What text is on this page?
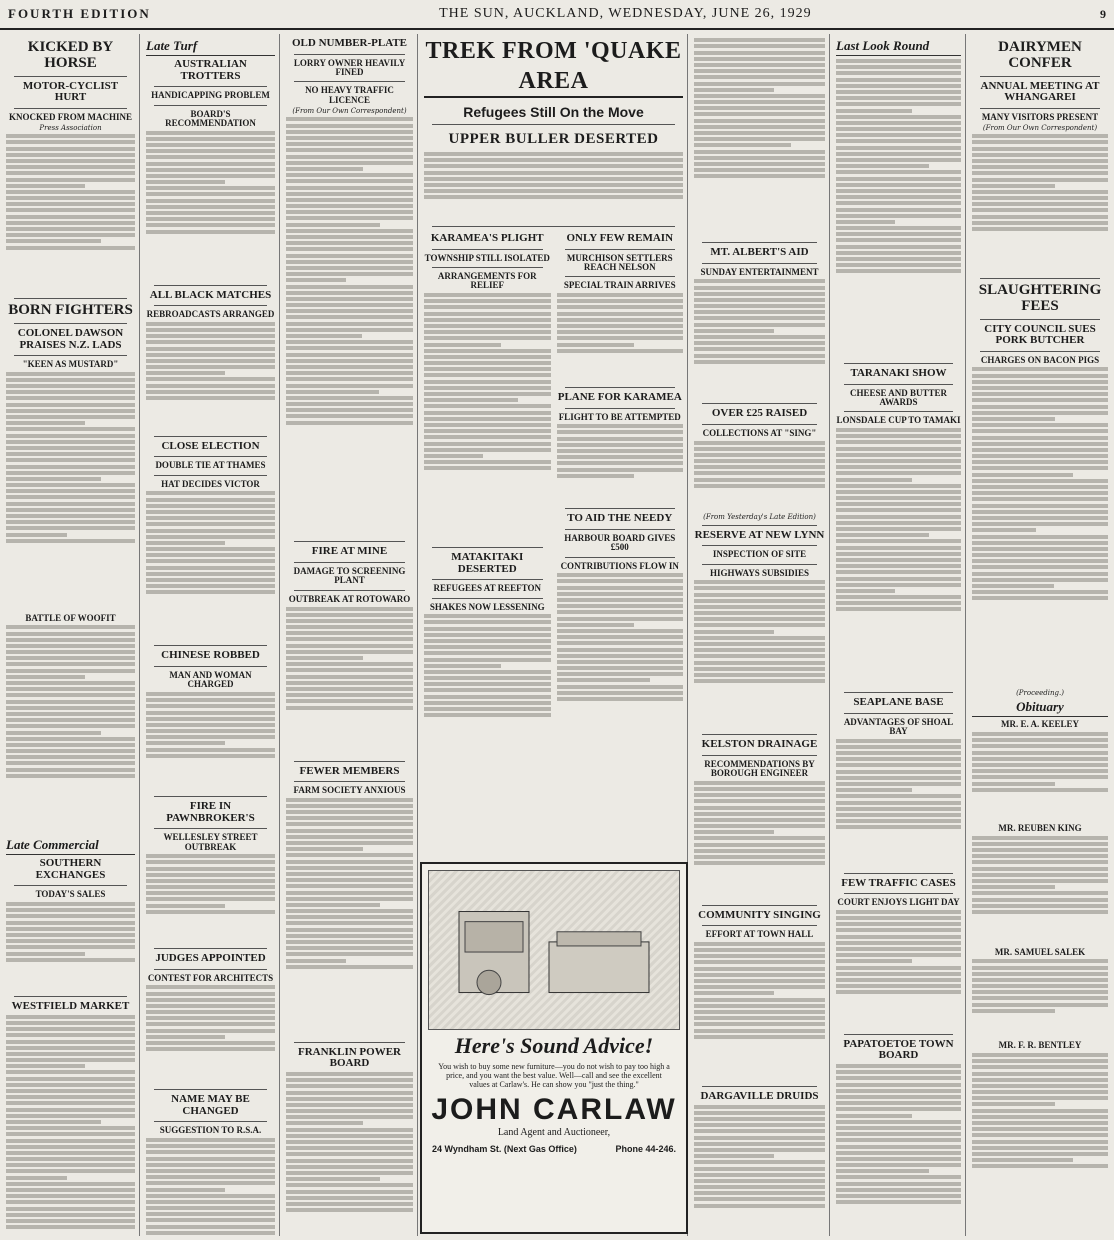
FOURTH EDITION	THE SUN, AUCKLAND, WEDNESDAY, JUNE 26, 1929	9
KICKED BY HORSE
MOTOR-CYCLIST HURT
KNOCKED FROM MACHINE
Press Association
BORN FIGHTERS
COLONEL DAWSON PRAISES N.Z. LADS
"KEEN AS MUSTARD"
BATTLE OF WOOFIT
Late Commercial
SOUTHERN EXCHANGES
TODAY'S SALES
WESTFIELD MARKET
Late Turf
AUSTRALIAN TROTTERS
HANDICAPPING PROBLEM
BOARD'S RECOMMENDATION
ALL BLACK MATCHES
REBROADCASTS ARRANGED
CLOSE ELECTION
DOUBLE TIE AT THAMES
HAT DECIDES VICTOR
CHINESE ROBBED
MAN AND WOMAN CHARGED
FIRE IN PAWNBROKER'S
WELLESLEY STREET OUTBREAK
JUDGES APPOINTED
CONTEST FOR ARCHITECTS
NAME MAY BE CHANGED
SUGGESTION TO R.S.A.
OLD NUMBER-PLATE
LORRY OWNER HEAVILY FINED
NO HEAVY TRAFFIC LICENCE
(From Our Own Correspondent)
FIRE AT MINE
DAMAGE TO SCREENING PLANT
OUTBREAK AT ROTOWARO
FEWER MEMBERS
FARM SOCIETY ANXIOUS
FRANKLIN POWER BOARD
TREK FROM 'QUAKE AREA
Refugees Still On the Move
UPPER BULLER DESERTED
KARAMEA'S PLIGHT
TOWNSHIP STILL ISOLATED
ARRANGEMENTS FOR RELIEF
MATAKITAKI DESERTED
REFUGEES AT REEFTON
SHAKES NOW LESSENING
ONLY FEW REMAIN
MURCHISON SETTLERS REACH NELSON
SPECIAL TRAIN ARRIVES
PLANE FOR KARAMEA
FLIGHT TO BE ATTEMPTED
TO AID THE NEEDY
HARBOUR BOARD GIVES £500
CONTRIBUTIONS FLOW IN
Here's Sound Advice!
You wish to buy some new furniture—you do not wish to pay too high a price, and you want the best value. Well—call and see the excellent values at Carlaw's. He can show you "just the thing."
JOHN CARLAW
Land Agent and Auctioneer,
24 Wyndham St. (Next Gas Office)	Phone 44-246.
MT. ALBERT'S AID
SUNDAY ENTERTAINMENT
OVER £25 RAISED
COLLECTIONS AT "SING"
(From Yesterday's Late Edition)
RESERVE AT NEW LYNN
INSPECTION OF SITE
HIGHWAYS SUBSIDIES
KELSTON DRAINAGE
RECOMMENDATIONS BY BOROUGH ENGINEER
COMMUNITY SINGING
EFFORT AT TOWN HALL
DARGAVILLE DRUIDS
Last Look Round
TARANAKI SHOW
CHEESE AND BUTTER AWARDS
LONSDALE CUP TO TAMAKI
SEAPLANE BASE
ADVANTAGES OF SHOAL BAY
FEW TRAFFIC CASES
COURT ENJOYS LIGHT DAY
PAPATOETOE TOWN BOARD
DAIRYMEN CONFER
ANNUAL MEETING AT WHANGAREI
MANY VISITORS PRESENT
(From Our Own Correspondent)
SLAUGHTERING FEES
CITY COUNCIL SUES PORK BUTCHER
CHARGES ON BACON PIGS
(Proceeding.)
Obituary
MR. E. A. KEELEY
MR. REUBEN KING
MR. SAMUEL SALEK
MR. F. R. BENTLEY
